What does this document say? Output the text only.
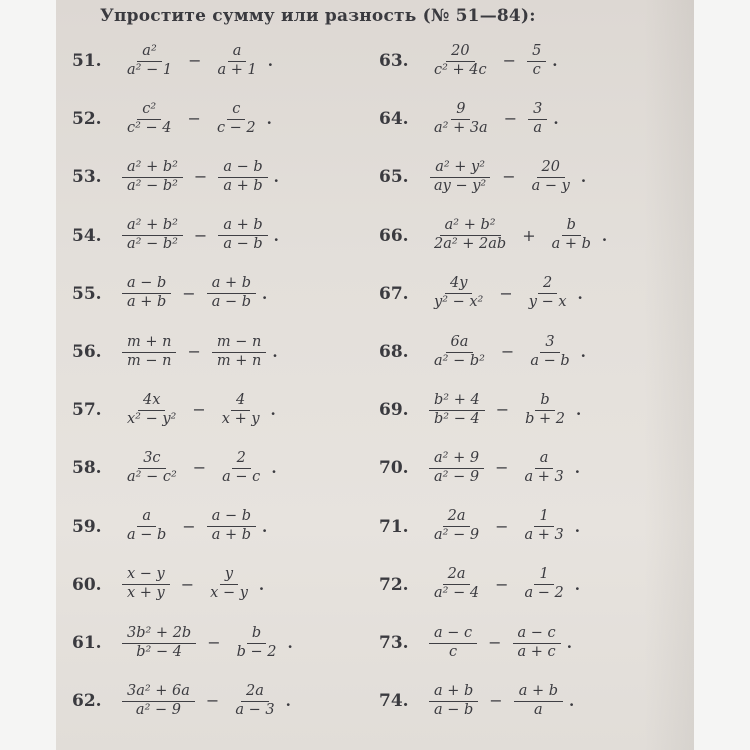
Упростите сумму или разность (№ 51—84):
51. $\frac{\text{a²}}{\text{a² − 1}} - \frac{a}{a + 1}$ .
52. $\frac{\text{c²}}{\text{c² − 4}} - \frac{c}{c - 2}$ .
53. $\frac{\text{a² + b²}}{\text{a² − b²}} - \frac{a - b}{a + b}$ .
54. $\frac{\text{a² + b²}}{\text{a² − b²}} - \frac{a + b}{a - b}$ .
55. $\frac{a - b}{a + b} - \frac{a + b}{a - b}$ .
56. $\frac{m + n}{m - n} - \frac{m - n}{m + n}$ .
57. $\frac{4x}{\text{x² − y²}} - \frac{4}{x + y}$ .
58. $\frac{3c}{\text{a² − c²}} - \frac{2}{a - c}$ .
59. $\frac{a}{a - b} - \frac{a - b}{a + b}$ .
60. $\frac{x - y}{x + y} - \frac{y}{x - y}$ .
61. $\frac{\text{3b² + 2b}}{\text{b² − 4}} - \frac{b}{b - 2}$ .
62. $\frac{\text{3a² + 6a}}{\text{a² − 9}} - \frac{2a}{a - 3}$ .
63. $\frac{20}{\text{c² + 4c}} - \frac{5}{c}$ .
64. $\frac{9}{\text{a² + 3a}} - \frac{3}{a}$ .
65. $\frac{\text{a² + y²}}{\text{ay − y²}} - \frac{20}{a - y}$ .
66. $\frac{\text{a² + b²}}{\text{2a² + 2ab}} + \frac{b}{a + b}$ .
67. $\frac{4y}{\text{y² − x²}} - \frac{2}{y - x}$ .
68. $\frac{6a}{\text{a² − b²}} - \frac{3}{a - b}$ .
69. $\frac{\text{b² + 4}}{\text{b² − 4}} - \frac{b}{b + 2}$ .
70. $\frac{\text{a² + 9}}{\text{a² − 9}} - \frac{a}{a + 3}$ .
71. $\frac{2a}{\text{a² − 9}} - \frac{1}{a + 3}$ .
72. $\frac{2a}{\text{a² − 4}} - \frac{1}{a - 2}$ .
73. $\frac{a - c}{c} - \frac{a - c}{a + c}$ .
74. $\frac{a + b}{a - b} - \frac{a + b}{a}$ .
